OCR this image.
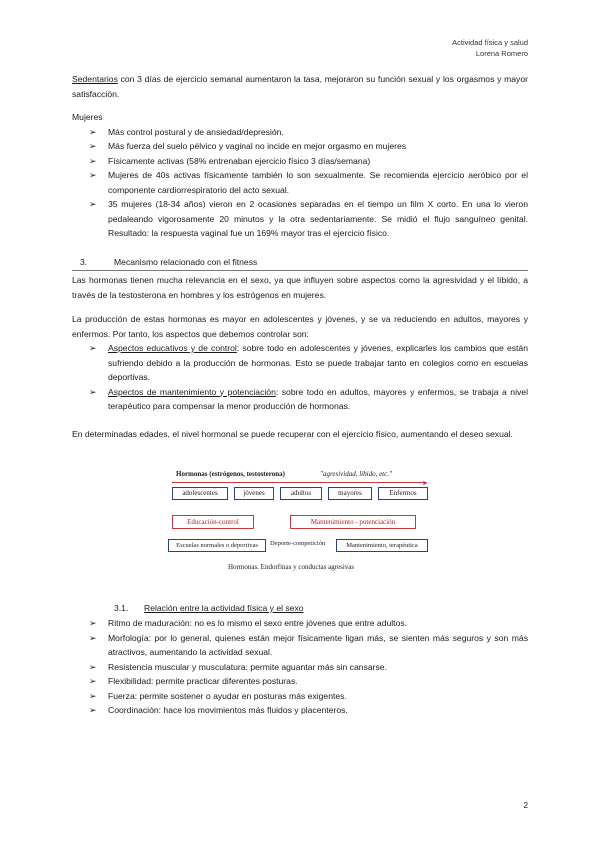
Actividad física y salud
Lorena Romero

Sedentarios con 3 días de ejercicio semanal aumentaron la tasa, mejoraron su función sexual y los orgasmos y mayor satisfacción.

Mujeres
➢ Más control postural y de ansiedad/depresión.
➢ Más fuerza del suelo pélvico y vaginal no incide en mejor orgasmo en mujeres
➢ Físicamente activas (58% entrenaban ejercicio físico 3 días/semana)
➢ Mujeres de 40s activas físicamente también lo son sexualmente. Se recomienda ejercicio aeróbico por el componente cardiorrespiratorio del acto sexual.
➢ 35 mujeres (18-34 años) vieron en 2 ocasiones separadas en el tiempo un film X corto. En una lo vieron pedaleando vigorosamente 20 minutos y la otra sedentariamente. Se midió el flujo sanguíneo genital. Resultado: la respuesta vaginal fue un 169% mayor tras el ejercicio físico.
3.	Mecanismo relacionado con el fitness

Las hormonas tienen mucha relevancia en el sexo, ya que influyen sobre aspectos como la agresividad y el líbido, a través de la testosterona en hombres y los estrógenos en mujeres.

La producción de estas hormonas es mayor en adolescentes y jóvenes, y se va reduciendo en adultos, mayores y enfermos. Por tanto, los aspectos que debemos controlar son:

➢ Aspectos educativos y de control: sobre todo en adolescentes y jóvenes, explicarles los cambios que están sufriendo debido a la producción de hormonas. Esto se puede trabajar tanto en colegios como en escuelas deportivas.
➢ Aspectos de mantenimiento y potenciación: sobre todo en adultos, mayores y enfermos, se trabaja a nivel terapéutico para compensar la menor producción de hormonas.

En determinadas edades, el nivel hormonal se puede recuperar con el ejercicio físico, aumentando el deseo sexual.

Hormonas (estrógenos, testosterona)	"agresividad, líbido, etc."
►
adolescentes	jóvenes	adultos	mayores	Enfermos
Educación-control	Mantenimiento - potenciación
Escuelas normales o deportivas	Deporte-competición	Mantenimiento, terapéutica
Hormonas. Endorfinas y conductas agresivas
3.1. Relación entre la actividad física y el sexo
➢ Ritmo de maduración: no es lo mismo el sexo entre jóvenes que entre adultos.
➢ Morfología: por lo general, quienes están mejor físicamente ligan más, se sienten más seguros y son más atractivos, aumentando la actividad sexual.
➢ Resistencia muscular y musculatura: permite aguantar más sin cansarse.
➢ Flexibilidad: permite practicar diferentes posturas.
➢ Fuerza: permite sostener o ayudar en posturas más exigentes.
➢ Coordinación: hace los movimientos más fluidos y placenteros.
2
